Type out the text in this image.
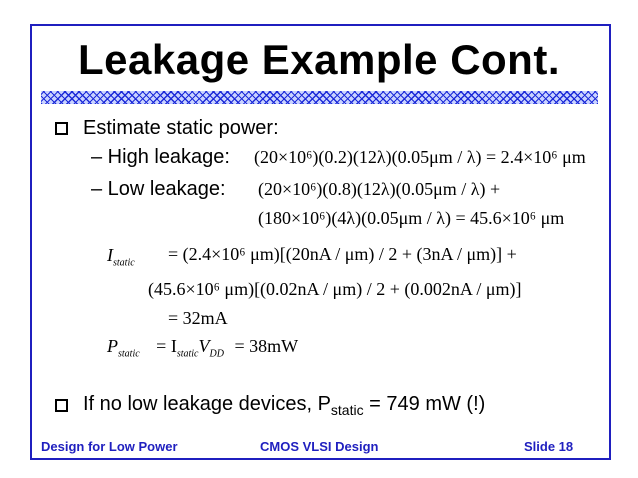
Leakage Example Cont.
Estimate static power:
– High leakage: (20×10⁶)(0.2)(12λ)(0.05μm / λ) = 2.4×10⁶ μm
– Low leakage: (20×10⁶)(0.8)(12λ)(0.05μm / λ) +
(180×10⁶)(4λ)(0.05μm / λ) = 45.6×10⁶ μm
$I_{static} = (2.4\times 10^6$ μm)[(20nA / μm) / 2 + (3nA / μm)] +
(45.6×10⁶ μm)[(0.02nA / μm) / 2 + (0.002nA / μm)]
= 32mA
$P_{static} = I_{static}V_{DD} = 38mW$
If no low leakage devices, $P_{static} = 749$ mW (!)
Design for Low Power	CMOS VLSI Design	Slide 18
